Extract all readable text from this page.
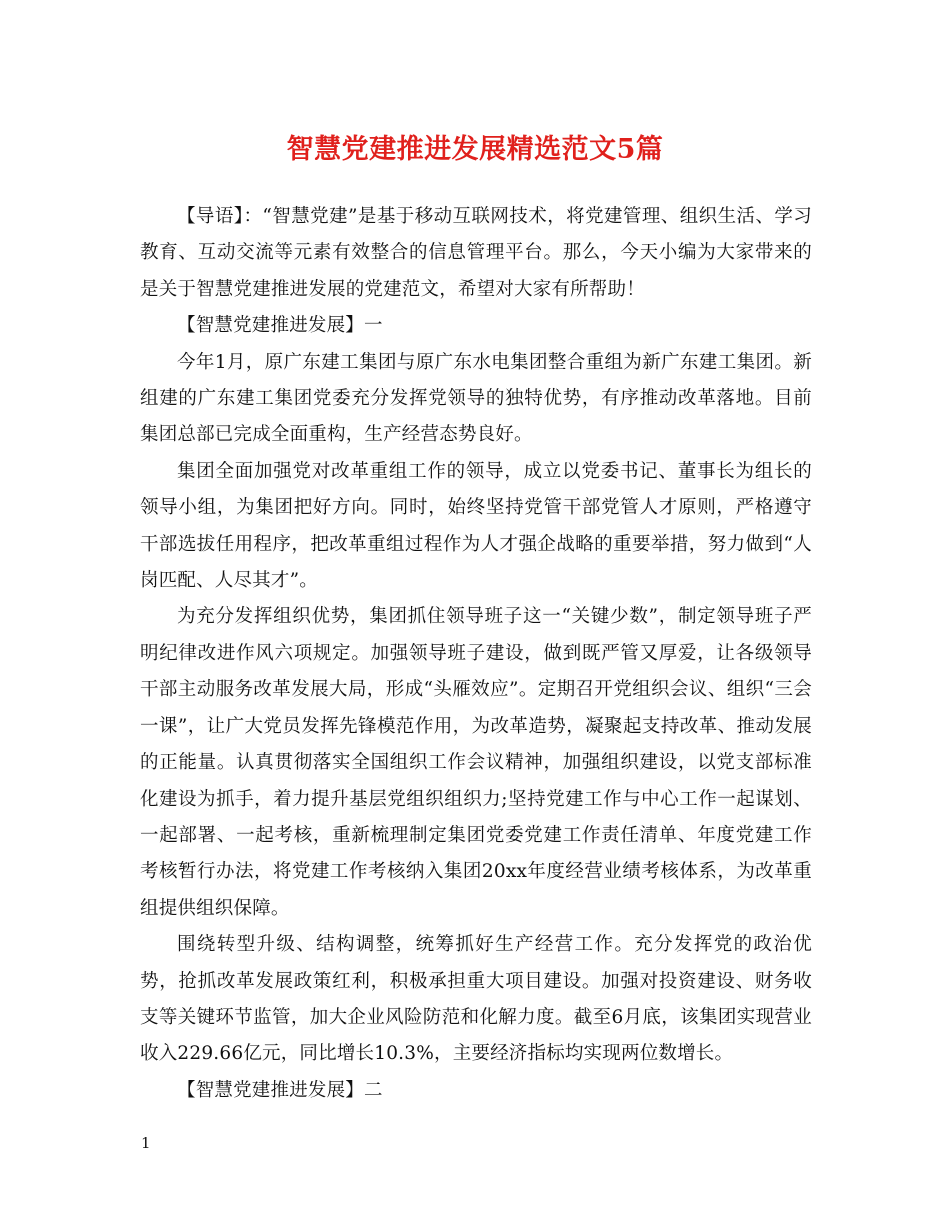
智慧党建推进发展精选范文5篇

【导语】：“智慧党建”是基于移动互联网技术，将党建管理、组织生活、学习教育、互动交流等元素有效整合的信息管理平台。那么，今天小编为大家带来的是关于智慧党建推进发展的党建范文，希望对大家有所帮助！

【智慧党建推进发展】一

今年1月，原广东建工集团与原广东水电集团整合重组为新广东建工集团。新组建的广东建工集团党委充分发挥党领导的独特优势，有序推动改革落地。目前集团总部已完成全面重构，生产经营态势良好。

集团全面加强党对改革重组工作的领导，成立以党委书记、董事长为组长的领导小组，为集团把好方向。同时，始终坚持党管干部党管人才原则，严格遵守干部选拔任用程序，把改革重组过程作为人才强企战略的重要举措，努力做到“人岗匹配、人尽其才”。

为充分发挥组织优势，集团抓住领导班子这一“关键少数”，制定领导班子严明纪律改进作风六项规定。加强领导班子建设，做到既严管又厚爱，让各级领导干部主动服务改革发展大局，形成“头雁效应”。定期召开党组织会议、组织“三会一课”，让广大党员发挥先锋模范作用，为改革造势，凝聚起支持改革、推动发展的正能量。认真贯彻落实全国组织工作会议精神，加强组织建设，以党支部标准化建设为抓手，着力提升基层党组织组织力;坚持党建工作与中心工作一起谋划、一起部署、一起考核，重新梳理制定集团党委党建工作责任清单、年度党建工作考核暂行办法，将党建工作考核纳入集团20xx年度经营业绩考核体系，为改革重组提供组织保障。

围绕转型升级、结构调整，统筹抓好生产经营工作。充分发挥党的政治优势，抢抓改革发展政策红利，积极承担重大项目建设。加强对投资建设、财务收支等关键环节监管，加大企业风险防范和化解力度。截至6月底，该集团实现营业收入229.66亿元，同比增长10.3%，主要经济指标均实现两位数增长。

【智慧党建推进发展】二

1
